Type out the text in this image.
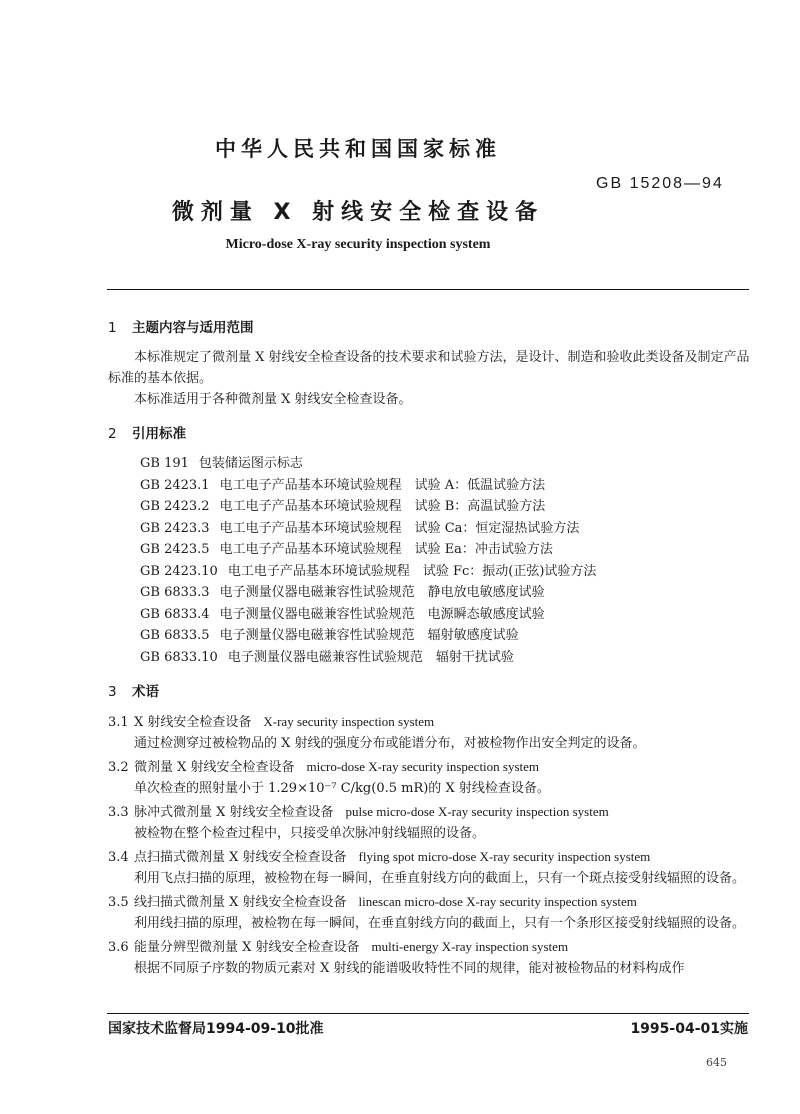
中华人民共和国国家标准
GB 15208—94
微剂量 X 射线安全检查设备
Micro-dose X-ray security inspection system
1 主题内容与适用范围

本标准规定了微剂量 X 射线安全检查设备的技术要求和试验方法，是设计、制造和验收此类设备及制定产品标准的基本依据。

本标准适用于各种微剂量 X 射线安全检查设备。

2 引用标准
GB 191 包装储运图示标志
GB 2423.1 电工电子产品基本环境试验规程　试验 A：低温试验方法
GB 2423.2 电工电子产品基本环境试验规程　试验 B：高温试验方法
GB 2423.3 电工电子产品基本环境试验规程　试验 Ca：恒定湿热试验方法
GB 2423.5 电工电子产品基本环境试验规程　试验 Ea：冲击试验方法
GB 2423.10 电工电子产品基本环境试验规程　试验 Fc：振动(正弦)试验方法
GB 6833.3 电子测量仪器电磁兼容性试验规范　静电放电敏感度试验
GB 6833.4 电子测量仪器电磁兼容性试验规范　电源瞬态敏感度试验
GB 6833.5 电子测量仪器电磁兼容性试验规范　辐射敏感度试验
GB 6833.10 电子测量仪器电磁兼容性试验规范　辐射干扰试验
3 术语

3.1 X 射线安全检查设备 X-ray security inspection system

通过检测穿过被检物品的 X 射线的强度分布或能谱分布，对被检物作出安全判定的设备。

3.2 微剂量 X 射线安全检查设备 micro-dose X-ray security inspection system

单次检查的照射量小于 1.29×10⁻⁷ C/kg(0.5 mR)的 X 射线检查设备。

3.3 脉冲式微剂量 X 射线安全检查设备 pulse micro-dose X-ray security inspection system

被检物在整个检查过程中，只接受单次脉冲射线辐照的设备。

3.4 点扫描式微剂量 X 射线安全检查设备 flying spot micro-dose X-ray security inspection system

利用飞点扫描的原理，被检物在每一瞬间，在垂直射线方向的截面上，只有一个斑点接受射线辐照的设备。

3.5 线扫描式微剂量 X 射线安全检查设备 linescan micro-dose X-ray security inspection system

利用线扫描的原理，被检物在每一瞬间，在垂直射线方向的截面上，只有一个条形区接受射线辐照的设备。

3.6 能量分辨型微剂量 X 射线安全检查设备 multi-energy X-ray inspection system

根据不同原子序数的物质元素对 X 射线的能谱吸收特性不同的规律，能对被检物品的材料构成作

国家技术监督局1994-09-10批准	1995-04-01实施
645
